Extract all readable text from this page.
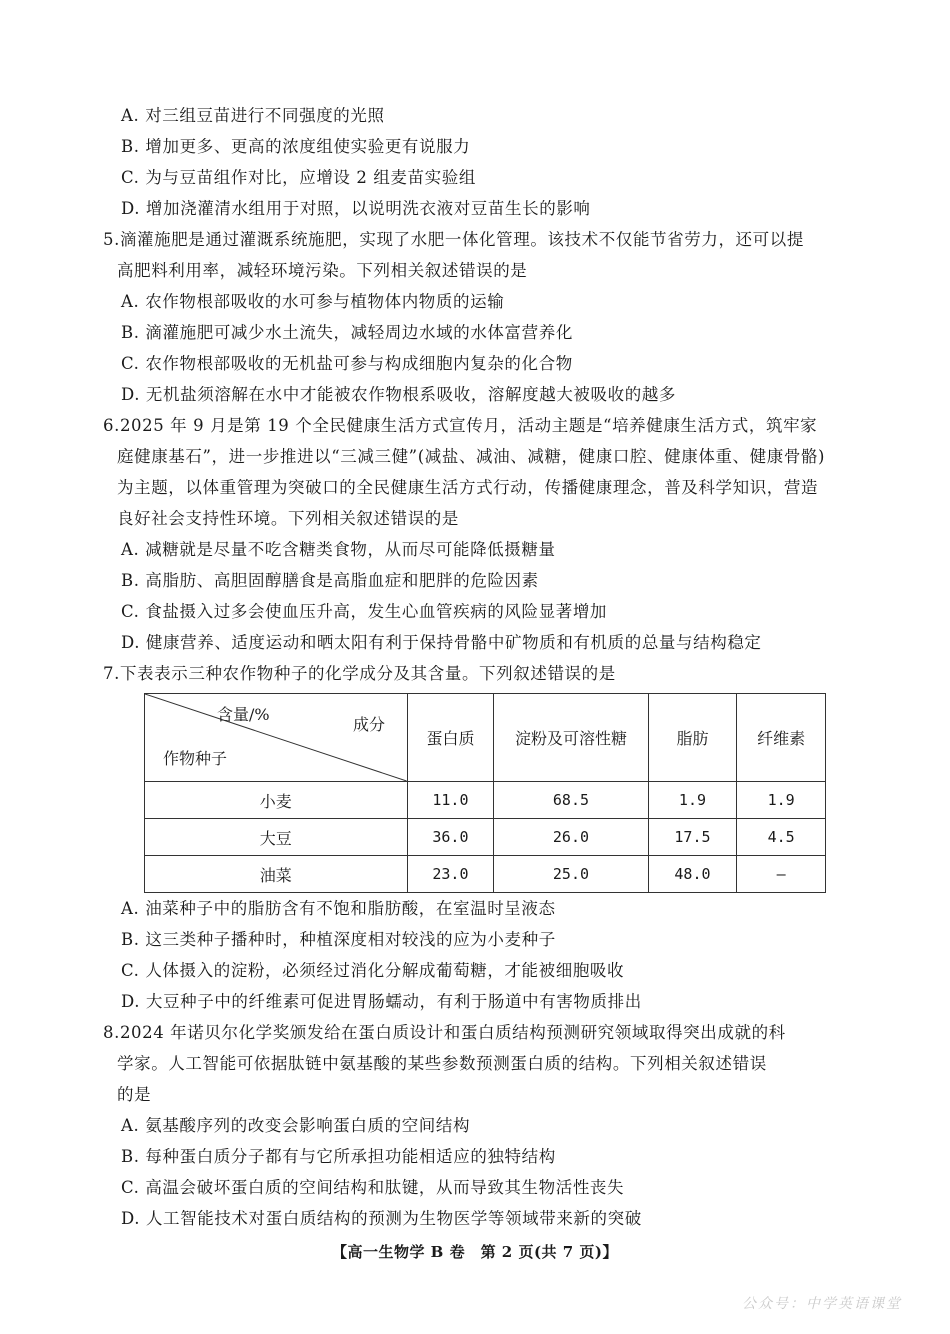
A. 对三组豆苗进行不同强度的光照
B. 增加更多、更高的浓度组使实验更有说服力
C. 为与豆苗组作对比，应增设 2 组麦苗实验组
D. 增加浇灌清水组用于对照，以说明洗衣液对豆苗生长的影响
5.滴灌施肥是通过灌溉系统施肥，实现了水肥一体化管理。该技术不仅能节省劳力，还可以提
高肥料利用率，减轻环境污染。下列相关叙述错误的是
A. 农作物根部吸收的水可参与植物体内物质的运输
B. 滴灌施肥可减少水土流失，减轻周边水域的水体富营养化
C. 农作物根部吸收的无机盐可参与构成细胞内复杂的化合物
D. 无机盐须溶解在水中才能被农作物根系吸收，溶解度越大被吸收的越多
6.2025 年 9 月是第 19 个全民健康生活方式宣传月，活动主题是“培养健康生活方式，筑牢家
庭健康基石”，进一步推进以“三减三健”(减盐、减油、减糖，健康口腔、健康体重、健康骨骼)
为主题，以体重管理为突破口的全民健康生活方式行动，传播健康理念，普及科学知识，营造
良好社会支持性环境。下列相关叙述错误的是
A. 减糖就是尽量不吃含糖类食物，从而尽可能降低摄糖量
B. 高脂肪、高胆固醇膳食是高脂血症和肥胖的危险因素
C. 食盐摄入过多会使血压升高，发生心血管疾病的风险显著增加
D. 健康营养、适度运动和晒太阳有利于保持骨骼中矿物质和有机质的总量与结构稳定
7.下表表示三种农作物种子的化学成分及其含量。下列叙述错误的是
含量/%
成分
作物种子	蛋白质	淀粉及可溶性糖	脂肪	纤维素
小麦	11.0	68.5	1.9	1.9
大豆	36.0	26.0	17.5	4.5
油菜	23.0	25.0	48.0	—
A. 油菜种子中的脂肪含有不饱和脂肪酸，在室温时呈液态
B. 这三类种子播种时，种植深度相对较浅的应为小麦种子
C. 人体摄入的淀粉，必须经过消化分解成葡萄糖，才能被细胞吸收
D. 大豆种子中的纤维素可促进胃肠蠕动，有利于肠道中有害物质排出
8.2024 年诺贝尔化学奖颁发给在蛋白质设计和蛋白质结构预测研究领域取得突出成就的科
学家。人工智能可依据肽链中氨基酸的某些参数预测蛋白质的结构。下列相关叙述错误
的是
A. 氨基酸序列的改变会影响蛋白质的空间结构
B. 每种蛋白质分子都有与它所承担功能相适应的独特结构
C. 高温会破坏蛋白质的空间结构和肽键，从而导致其生物活性丧失
D. 人工智能技术对蛋白质结构的预测为生物医学等领域带来新的突破
【高一生物学 B 卷　第 2 页(共 7 页)】
公众号：中学英语课堂
